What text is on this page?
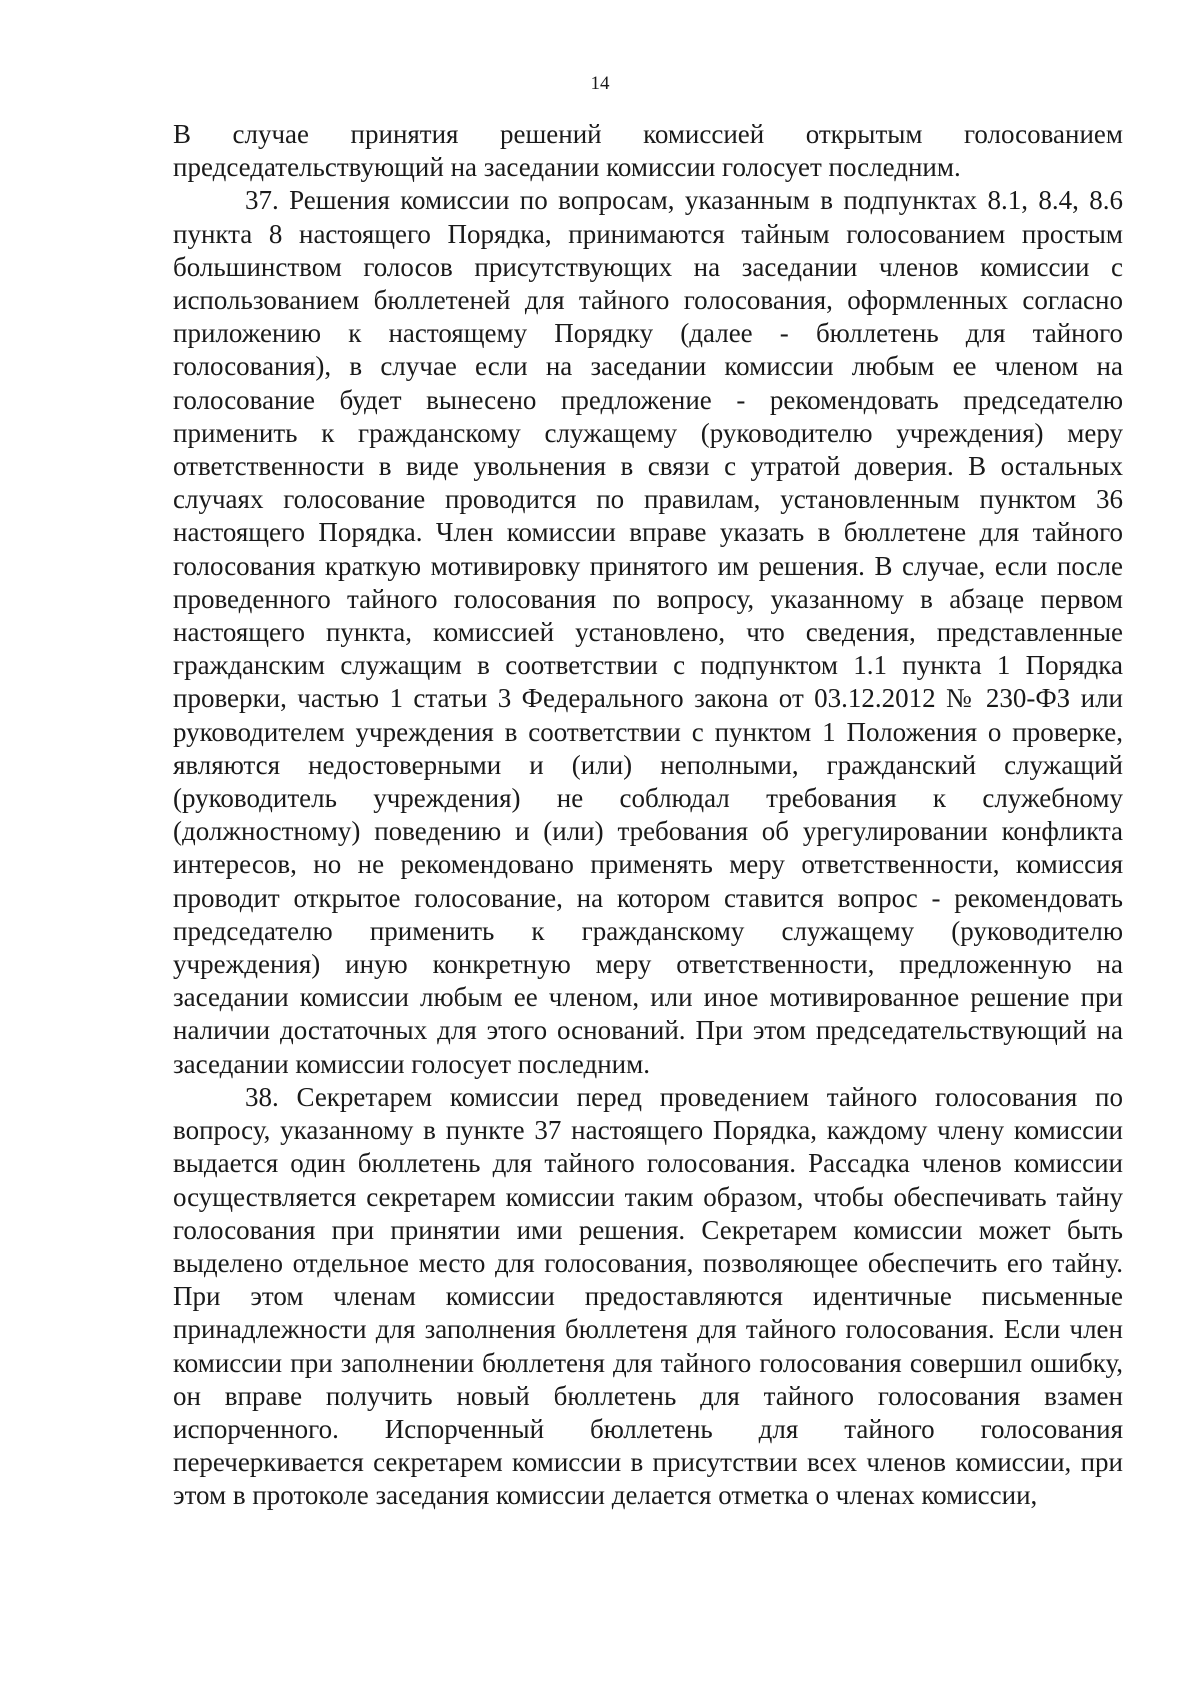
14

В случае принятия решений комиссией открытым голосованием председательствующий на заседании комиссии голосует последним.

37. Решения комиссии по вопросам, указанным в подпунктах 8.1, 8.4, 8.6 пункта 8 настоящего Порядка, принимаются тайным голосованием простым большинством голосов присутствующих на заседании членов комиссии с использованием бюллетеней для тайного голосования, оформленных согласно приложению к настоящему Порядку (далее - бюллетень для тайного голосования), в случае если на заседании комиссии любым ее членом на голосование будет вынесено предложение - рекомендовать председателю применить к гражданскому служащему (руководителю учреждения) меру ответственности в виде увольнения в связи с утратой доверия. В остальных случаях голосование проводится по правилам, установленным пунктом 36 настоящего Порядка. Член комиссии вправе указать в бюллетене для тайного голосования краткую мотивировку принятого им решения. В случае, если после проведенного тайного голосования по вопросу, указанному в абзаце первом настоящего пункта, комиссией установлено, что сведения, представленные гражданским служащим в соответствии с подпунктом 1.1 пункта 1 Порядка проверки, частью 1 статьи 3 Федерального закона от 03.12.2012 № 230-ФЗ или руководителем учреждения в соответствии с пунктом 1 Положения о проверке, являются недостоверными и (или) неполными, гражданский служащий (руководитель учреждения) не соблюдал требования к служебному (должностному) поведению и (или) требования об урегулировании конфликта интересов, но не рекомендовано применять меру ответственности, комиссия проводит открытое голосование, на котором ставится вопрос - рекомендовать председателю применить к гражданскому служащему (руководителю учреждения) иную конкретную меру ответственности, предложенную на заседании комиссии любым ее членом, или иное мотивированное решение при наличии достаточных для этого оснований. При этом председательствующий на заседании комиссии голосует последним.

38. Секретарем комиссии перед проведением тайного голосования по вопросу, указанному в пункте 37 настоящего Порядка, каждому члену комиссии выдается один бюллетень для тайного голосования. Рассадка членов комиссии осуществляется секретарем комиссии таким образом, чтобы обеспечивать тайну голосования при принятии ими решения. Секретарем комиссии может быть выделено отдельное место для голосования, позволяющее обеспечить его тайну. При этом членам комиссии предоставляются идентичные письменные принадлежности для заполнения бюллетеня для тайного голосования. Если член комиссии при заполнении бюллетеня для тайного голосования совершил ошибку, он вправе получить новый бюллетень для тайного голосования взамен испорченного. Испорченный бюллетень для тайного голосования перечеркивается секретарем комиссии в присутствии всех членов комиссии, при этом в протоколе заседания комиссии делается отметка о членах комиссии,
